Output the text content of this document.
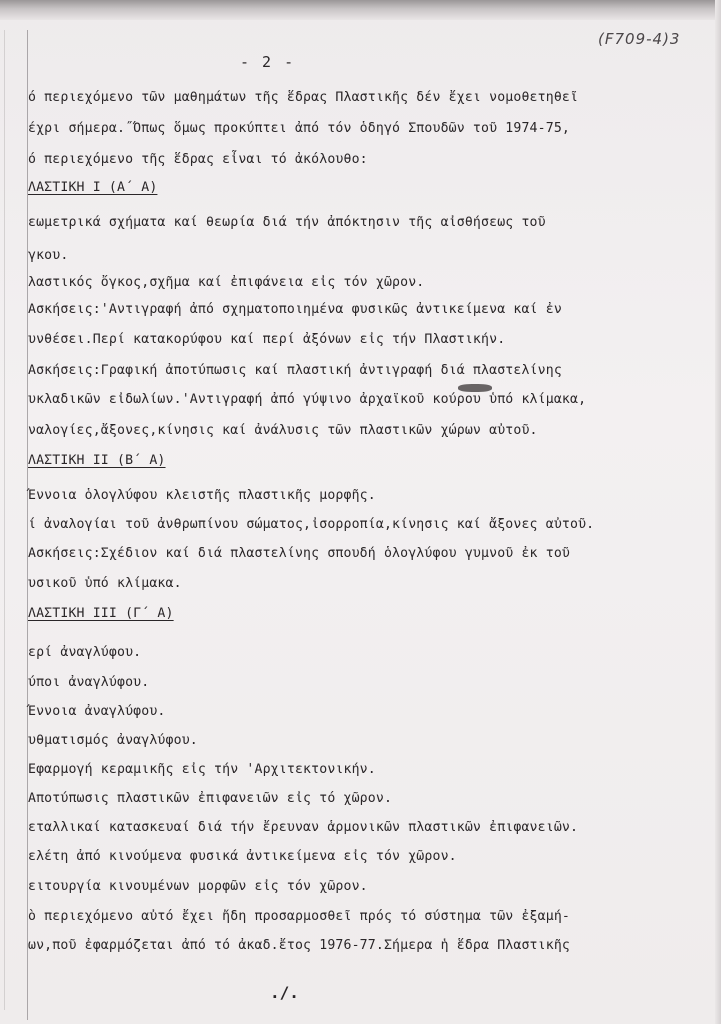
(F709-4)3
- 2 -
ό περιεχόμενο τῶν μαθημάτων τῆς ἕδρας Πλαστικῆς δέν ἔχει νομοθετηθεῖ
έχρι σήμερα.˝Όπως ὅμως προκύπτει ἀπό τόν ὁδηγό Σπουδῶν τοῦ 1974-75,
ό περιεχόμενο τῆς ἕδρας εἶναι τό ἀκόλουθο:
ΛΑΣΤΙΚΗ Ι (Α΄ Α)
εωμετρικά σχήματα καί θεωρία διά τήν ἀπόκτησιν τῆς αἰσθήσεως τοῦ
γκου.
λαστικός ὄγκος,σχῆμα καί ἐπιφάνεια εἰς τόν χῶρον.
Ασκήσεις:'Αντιγραφή ἀπό σχηματοποιημένα φυσικῶς ἀντικείμενα καί ἐν
υνθέσει.Περί κατακορύφου καί περί ἀξόνων εἰς τήν Πλαστικήν.
Ασκήσεις:Γραφική ἀποτύπωσις καί πλαστική ἀντιγραφή διά πλαστελίνης
υκλαδικῶν εἰδωλίων.'Αντιγραφή ἀπό γύψινο ἀρχαϊκοῦ κούρου ὑπό κλίμακα,
ναλογίες,ἄξονες,κίνησις καί ἀνάλυσις τῶν πλαστικῶν χώρων αὐτοῦ.
ΛΑΣΤΙΚΗ ΙΙ (Β΄ Α)
Έννοια ὁλογλύφου κλειστῆς πλαστικῆς μορφῆς.
ί ἀναλογίαι τοῦ ἀνθρωπίνου σώματος,ἰσορροπία,κίνησις καί ἄξονες αὐτοῦ.
Ασκήσεις:Σχέδιον καί διά πλαστελίνης σπουδή ὁλογλύφου γυμνοῦ ἐκ τοῦ
υσικοῦ ὑπό κλίμακα.
ΛΑΣΤΙΚΗ ΙΙΙ (Γ΄ Α)
ερί ἀναγλύφου.
ύποι ἀναγλύφου.
Έννοια ἀναγλύφου.
υθματισμός ἀναγλύφου.
Εφαρμογή κεραμικῆς εἰς τήν 'Αρχιτεκτονικήν.
Αποτύπωσις πλαστικῶν ἐπιφανειῶν εἰς τό χῶρον.
εταλλικαί κατασκευαί διά τήν ἔρευναν ἁρμονικῶν πλαστικῶν ἐπιφανειῶν.
ελέτη ἀπό κινούμενα φυσικά ἀντικείμενα εἰς τόν χῶρον.
ειτουργία κινουμένων μορφῶν εἰς τόν χῶρον.
ὸ περιεχόμενο αὐτό ἔχει ἤδη προσαρμοσθεῖ πρός τό σύστημα τῶν ἐξαμή-
ων,ποῦ ἐφαρμόζεται ἀπό τό ἀκαδ.ἔτος 1976-77.Σήμερα ἡ ἕδρα Πλαστικῆς
./.
